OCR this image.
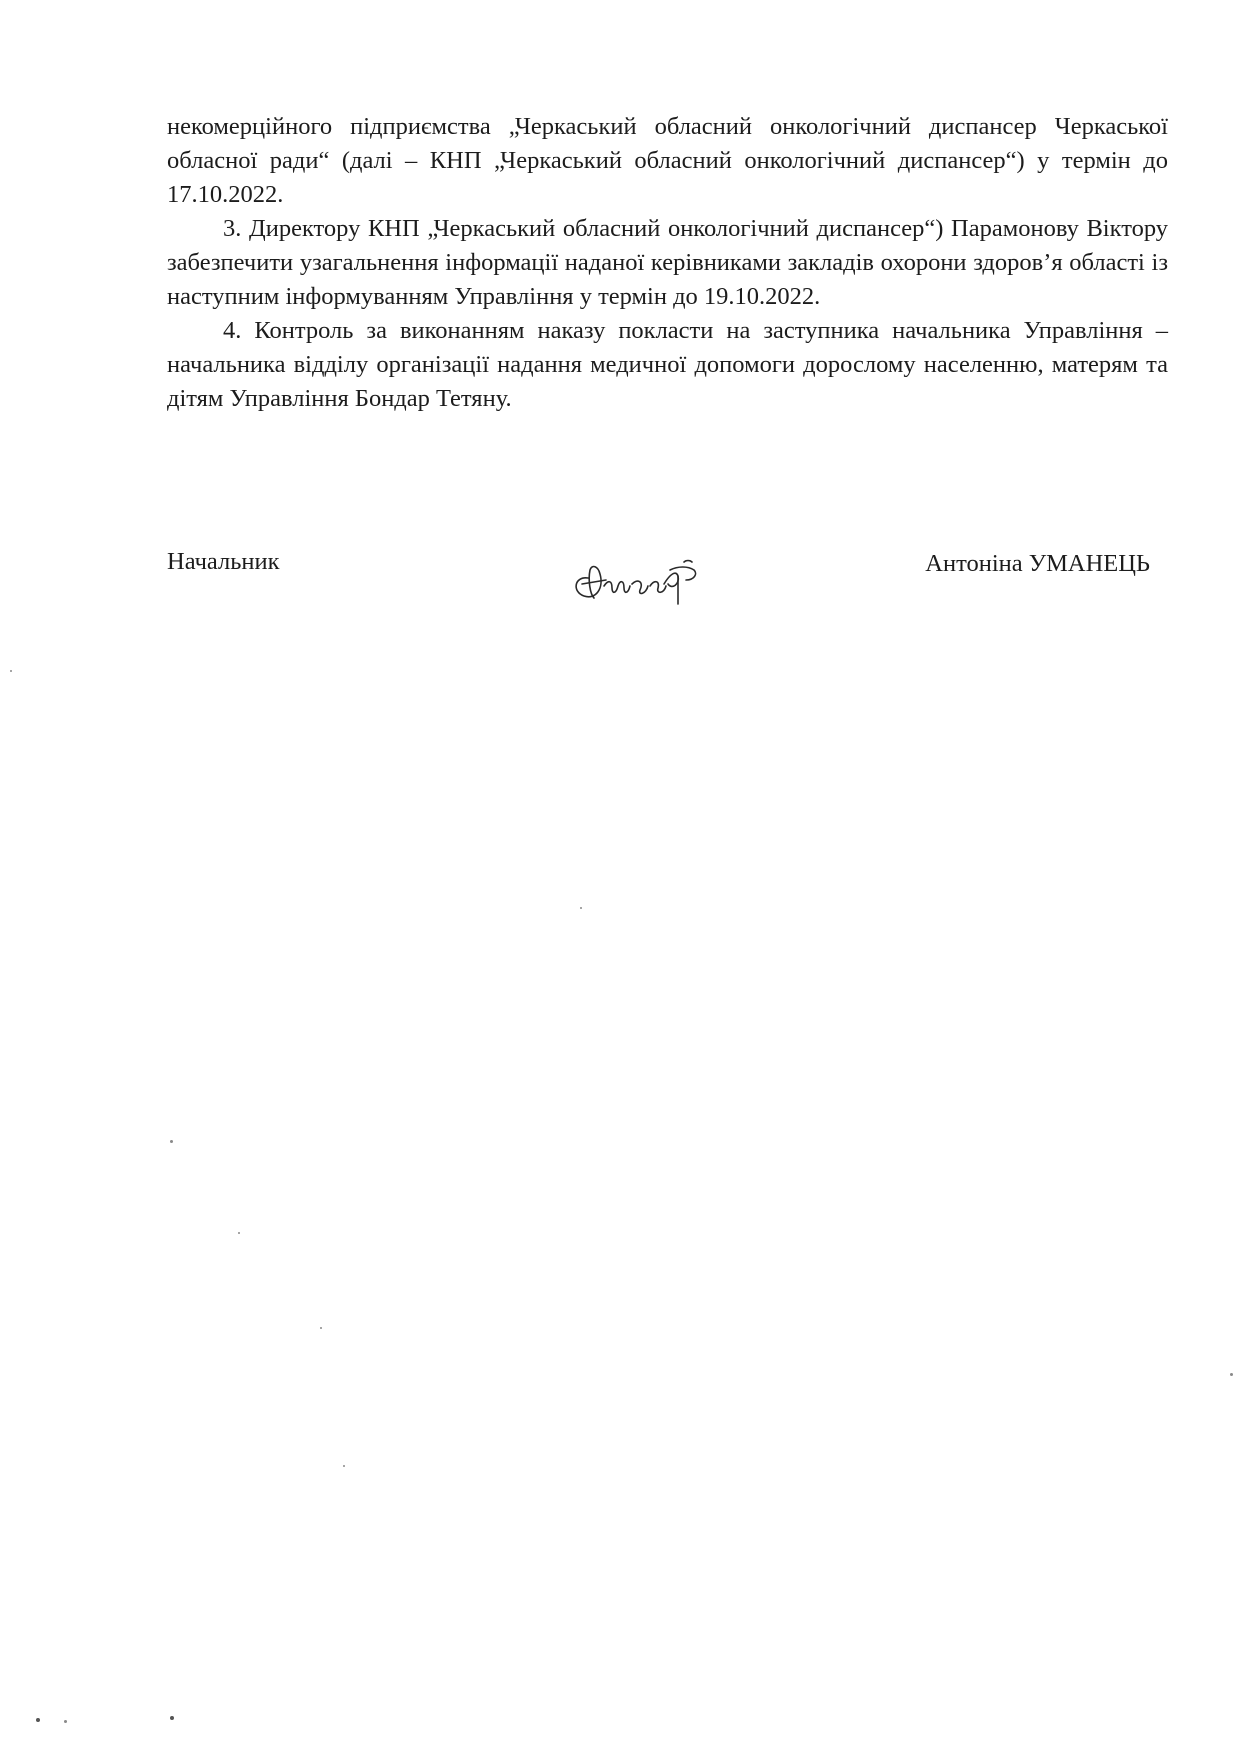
некомерційного підприємства „Черкаський обласний онкологічний диспансер Черкаської обласної ради“ (далі – КНП „Черкаський обласний онкологічний диспансер“) у термін до 17.10.2022.

3. Директору КНП „Черкаський обласний онкологічний диспансер“) Парамонову Віктору забезпечити узагальнення інформації наданої керівниками закладів охорони здоров’я області із наступним інформуванням Управління у термін до 19.10.2022.

4. Контроль за виконанням наказу покласти на заступника начальника Управління – начальника відділу організації надання медичної допомоги дорослому населенню, матерям та дітям Управління Бондар Тетяну.

Начальник	Антоніна УМАНЕЦЬ
